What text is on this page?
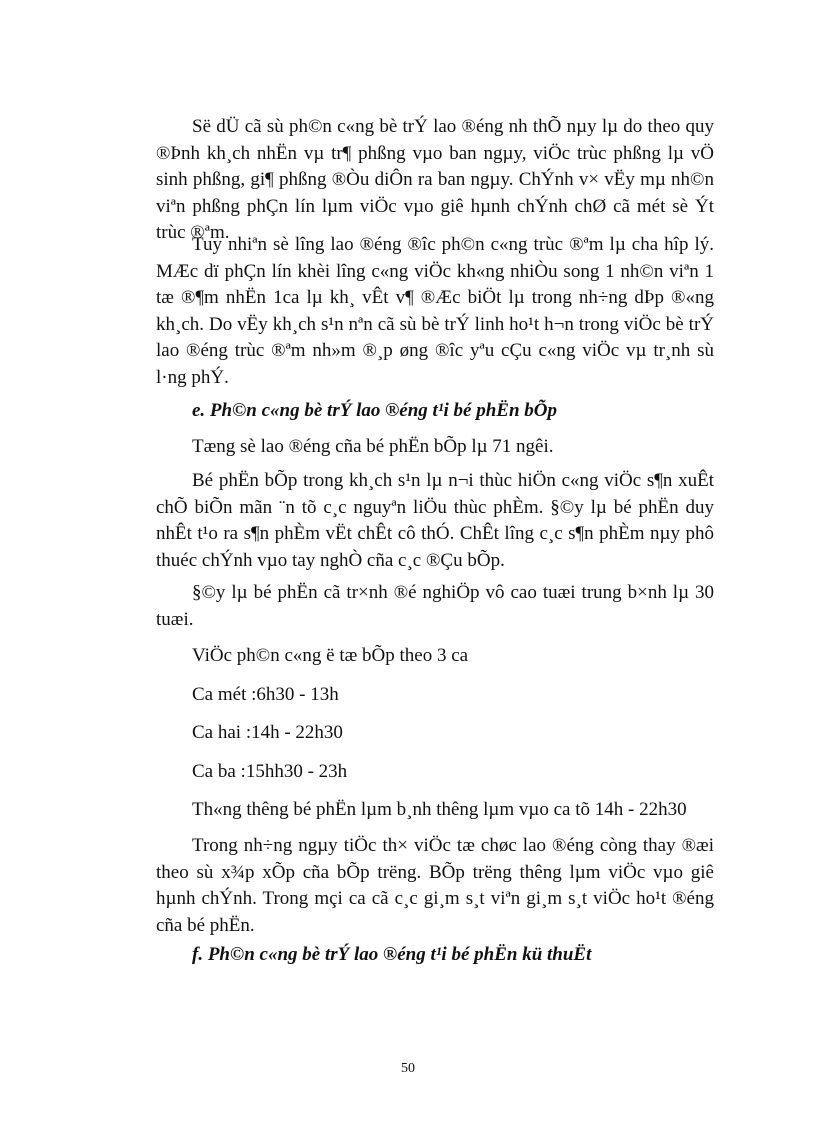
Së dÜ cã sù ph©n c«ng bè trÝ lao ®éng nh thÕ nµy lµ do theo quy ®Þnh kh¸ch nhËn vµ tr¶ phßng vµo ban ngµy, viÖc trùc phßng lµ vÖ sinh phßng, gi¶ phßng ®Òu diÔn ra ban ngµy. ChÝnh v× vËy mµ nh©n viªn phßng phÇn lín lµm viÖc vµo giê hµnh chÝnh chØ cã mét sè Ýt trùc ®ªm.

Tuy nhiªn sè lîng lao ®éng ®îc ph©n c«ng trùc ®ªm lµ cha hîp lý. MÆc dï phÇn lín khèi lîng c«ng viÖc kh«ng nhiÒu song 1 nh©n viªn 1 tæ ®¶m nhËn 1ca lµ kh¸ vÊt v¶ ®Æc biÖt lµ trong nh÷ng dÞp ®«ng kh¸ch. Do vËy kh¸ch s¹n nªn cã sù bè trÝ linh ho¹t h¬n trong viÖc bè trÝ lao ®éng trùc ®ªm nh»m ®¸p øng ®îc yªu cÇu c«ng viÖc vµ tr¸nh sù l·ng phÝ.

e. Ph©n c«ng bè trÝ lao ®éng t¹i bé phËn bÕp

Tæng sè lao ®éng cña bé phËn bÕp lµ 71 ngêi.

Bé phËn bÕp trong kh¸ch s¹n lµ n¬i thùc hiÖn c«ng viÖc s¶n xuÊt chÕ biÕn mãn ¨n tõ c¸c nguyªn liÖu thùc phÈm. §©y lµ bé phËn duy nhÊt t¹o ra s¶n phÈm vËt chÊt cô thÓ. ChÊt lîng c¸c s¶n phÈm nµy phô thuéc chÝnh vµo tay nghÒ cña c¸c ®Çu bÕp.

§©y lµ bé phËn cã tr×nh ®é nghiÖp vô cao tuæi trung b×nh lµ 30 tuæi.

ViÖc ph©n c«ng ë tæ bÕp theo 3 ca

Ca mét :6h30 - 13h

Ca hai :14h - 22h30

Ca ba :15hh30 - 23h

Th«ng thêng bé phËn lµm b¸nh thêng lµm vµo ca tõ 14h - 22h30

Trong nh÷ng ngµy tiÖc th× viÖc tæ chøc lao ®éng còng thay ®æi theo sù x¾p xÕp cña bÕp trëng. BÕp trëng thêng lµm viÖc vµo giê hµnh chÝnh. Trong mçi ca cã c¸c gi¸m s¸t viªn gi¸m s¸t viÖc ho¹t ®éng cña bé phËn.

f. Ph©n c«ng bè trÝ lao ®éng t¹i bé phËn kü thuËt

50
